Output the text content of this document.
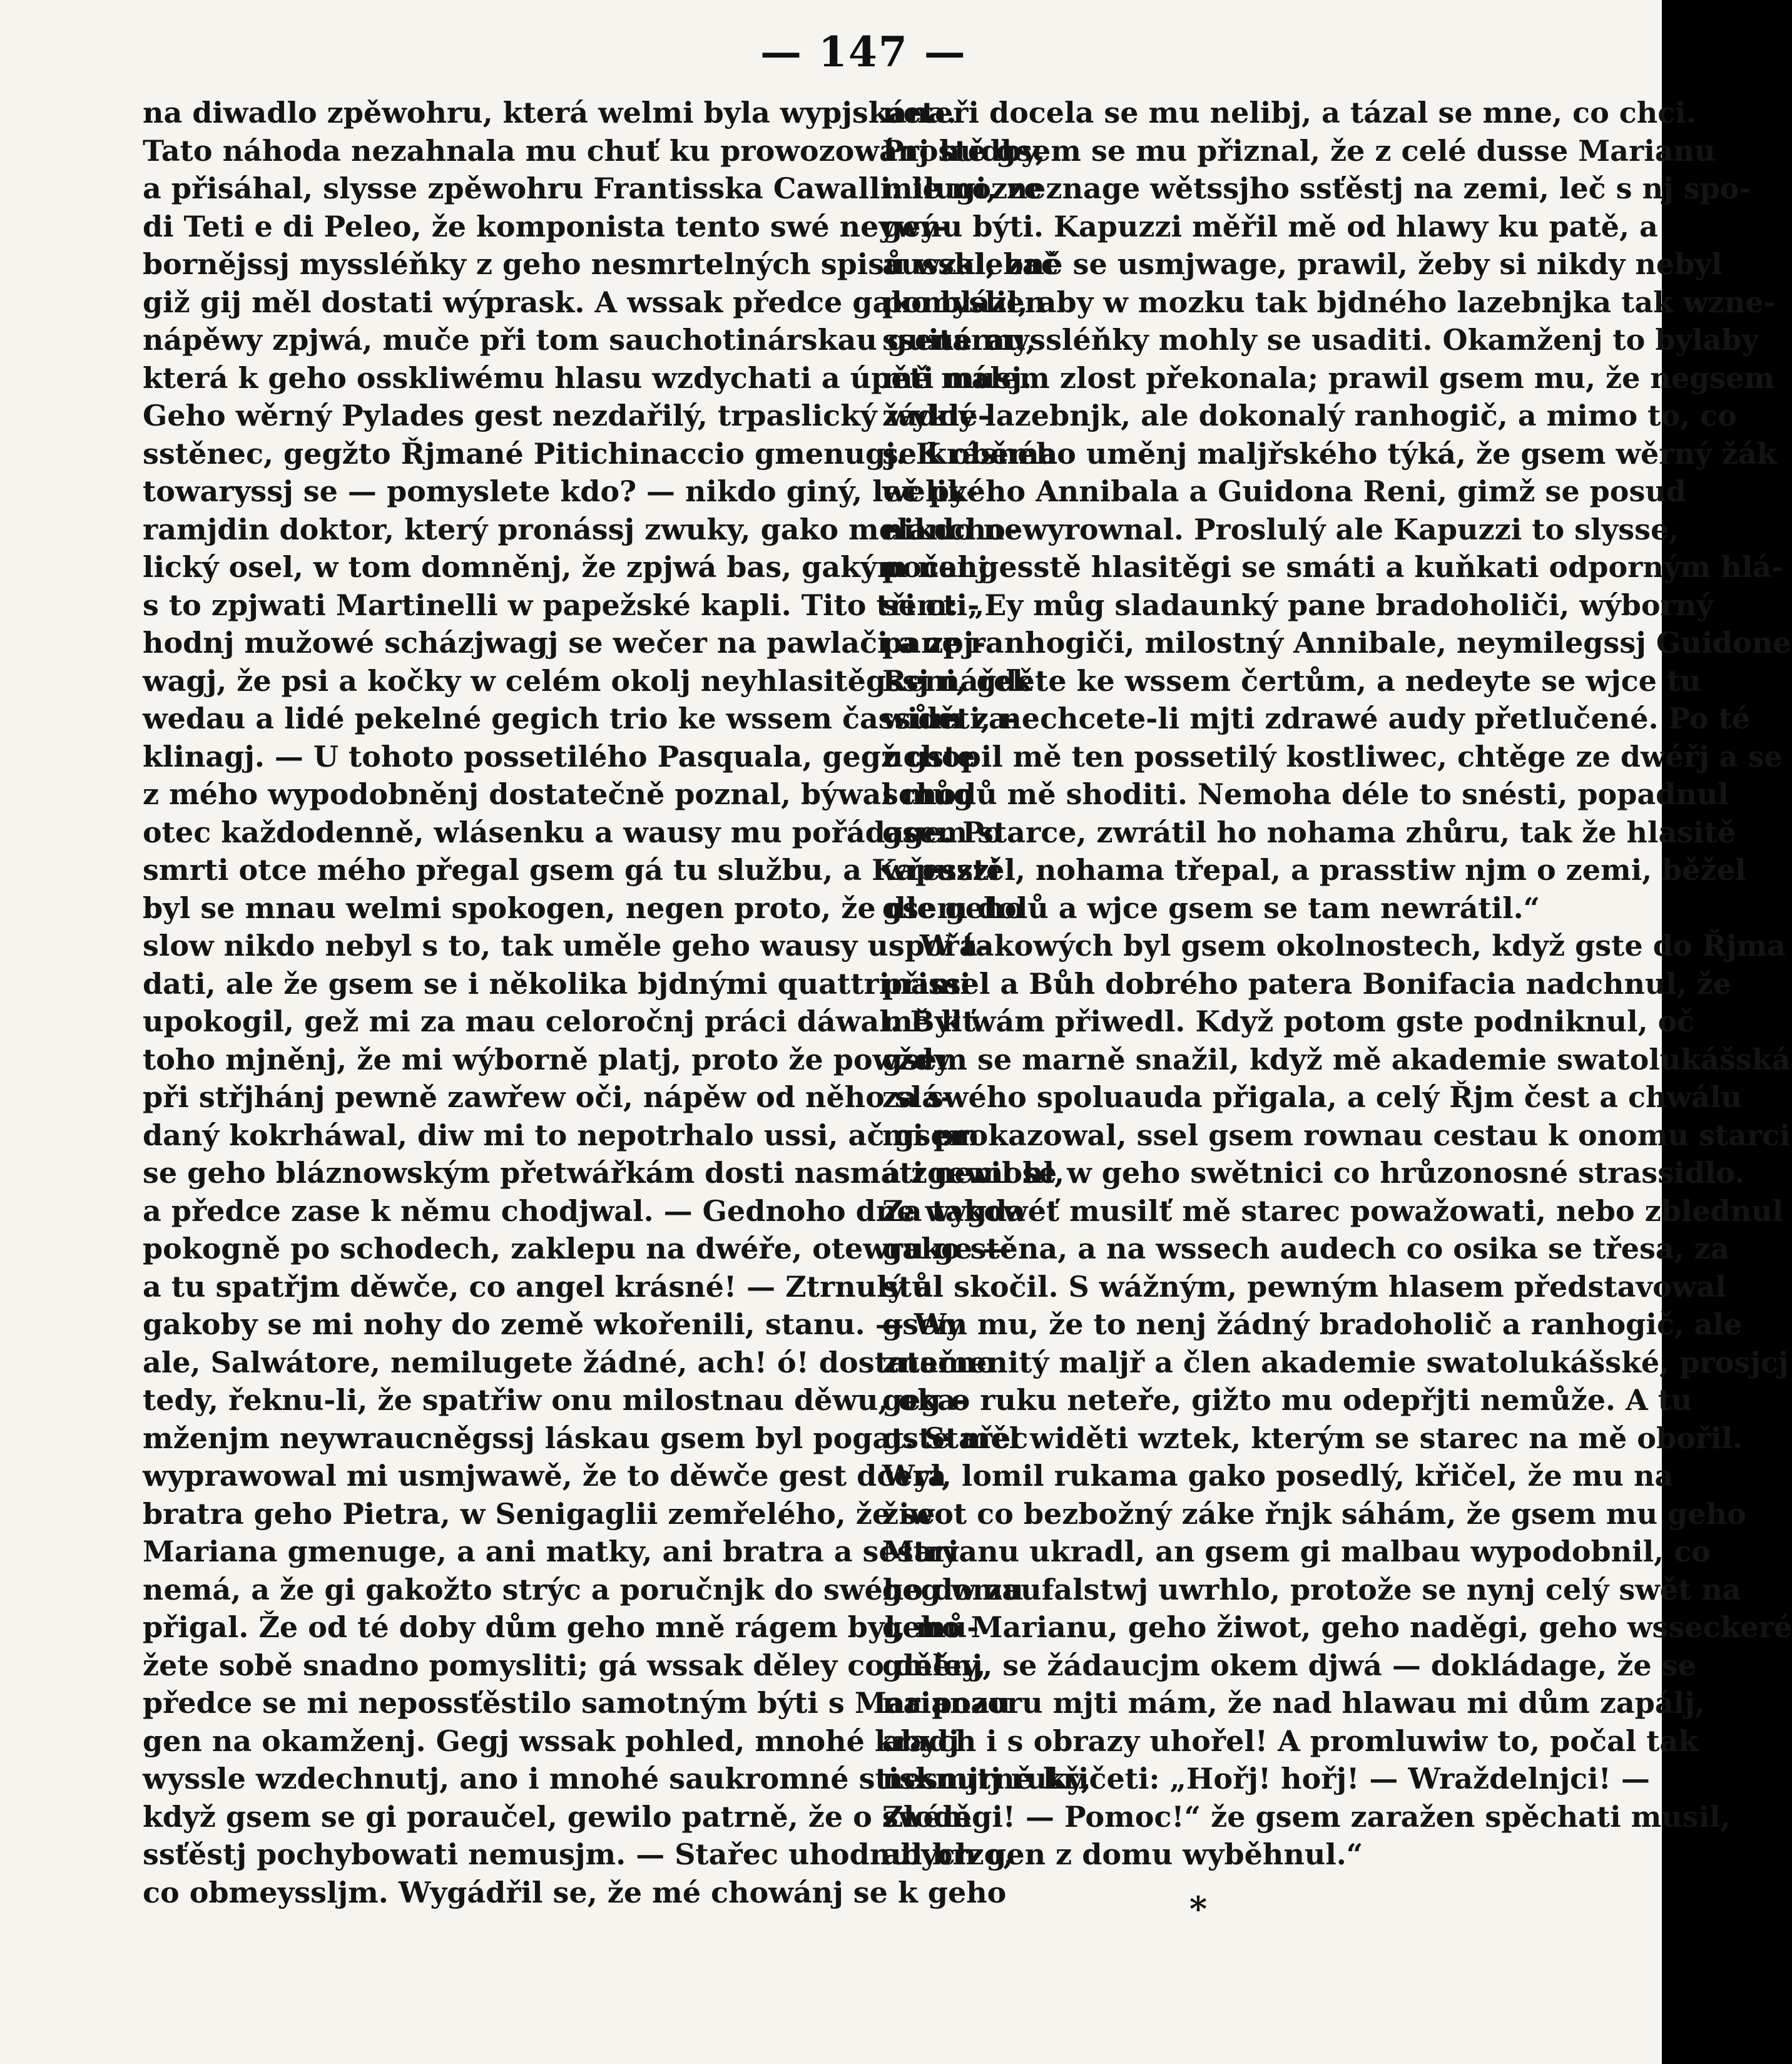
— 147 —
na diwadlo zpěwohru, která welmi byla wypjskána.
Tato náhoda nezahnala mu chuť ku prowozowánj hudby,
a přisáhal, slysse zpěwohru Frantisska Cawalli: le nozze
di Teti e di Peleo, že komponista tento swé neywý-
bornějssj myssléňky z geho nesmrtelných spisů wzal, zač
giž gij měl dostati wýprask. A wssak předce gako blázen
nápěwy zpjwá, muče při tom sauchotinárskau guitarau,
která k geho osskliwému hlasu wzdychati a úpěti musj.
Geho wěrný Pylades gest nezdařilý, trpaslický wykle-
sstěnec, gegžto Řjmané Pitichinaccio gmenugj. K oběma
towaryssj se — pomyslete kdo? — nikdo giný, leč py-
ramjdin doktor, který pronássj zwuky, gako melancho-
lický osel, w tom domněnj, že zpjwá bas, gakým nenj
s to zpjwati Martinelli w papežské kapli. Tito tři cti-
hodnj mužowé scházjwagj se wečer na pawlači a zpj-
wagj, že psi a kočky w celém okolj neyhlasitěgssj nářek
wedau a lidé pekelné gegich trio ke wssem čassům za-
klinagj. — U tohoto possetilého Pasquala, gegž gste
z mého wypodobněnj dostatečně poznal, býwal můg
otec každodenně, wlásenku a wausy mu pořádage. Po
smrti otce mého přegal gsem gá tu službu, a Kapuzzi
byl se mnau welmi spokogen, negen proto, že dle geho
slow nikdo nebyl s to, tak uměle geho wausy uspořá-
dati, ale že gsem se i několika bjdnými quattrinami
upokogil, gež mi za mau celoročnj práci dáwal. Bylť
toho mjněnj, že mi wýborně platj, proto že powždy
při střjhánj pewně zawřew oči, nápěw od něho slá-
daný kokrháwal, diw mi to nepotrhalo ussi, ač gsem
se geho bláznowským přetwářkám dosti nasmáti nemohl,
a předce zase k němu chodjwal. — Gednoho dne wygda
pokogně po schodech, zaklepu na dwéře, otewru ge —
a tu spatřjm děwče, co angel krásné! — Ztrnulý a
gakoby se mi nohy do země wkořenili, stanu. — Wy
ale, Salwátore, nemilugete žádné, ach! ó! dostatečno
tedy, řeknu-li, že spatřiw onu milostnau děwu, oka-
mženjm neywraucněgssj láskau gsem byl pogat. Stařec
wyprawowal mi usmjwawě, že to děwče gest dcera
bratra geho Pietra, w Senigaglii zemřelého, že se
Mariana gmenuge, a ani matky, ani bratra a sestry
nemá, a že gi gakožto strýc a poručnjk do swého domu
přigal. Že od té doby dům geho mně rágem byl, mů-
žete sobě snadno pomysliti; gá wssak děley co děley,
předce se mi nepossťěstilo samotným býti s Marianau
gen na okamženj. Gegj wssak pohled, mnohé kradj
wyssle wzdechnutj, ano i mnohé saukromné stisknutj ruky,
když gsem se gi poraučel, gewilo patrně, že o swém
ssťěstj pochybowati nemusjm. — Stařec uhodnul brzo,
co obmeyssljm. Wygádřil se, že mé chowánj se k geho
neteři docela se mu nelibj, a tázal se mne, co chci.
Prostě gsem se mu přiznal, že z celé dusse Marianu
milugi, neznage wětssjho ssťěstj na zemi, leč s nj spo-
genu býti. Kapuzzi měřil mě od hlawy ku patě, a
aussklebně se usmjwage, prawil, žeby si nikdy nebyl
pomyslil, aby w mozku tak bjdného lazebnjka tak wzne-
ssené myssléňky mohly se usaditi. Okamženj to bylaby
mě málem zlost překonala; prawil gsem mu, že negsem
žádný lazebnjk, ale dokonalý ranhogič, a mimo to, co
se krásného uměnj maljřského týká, že gsem wěrný žák
welikého Annibala a Guidona Reni, gimž se posud
nikdo newyrownal. Proslulý ale Kapuzzi to slysse,
počal gesstě hlasitěgi se smáti a kuňkati odporným hlá-
sem: „Ey můg sladaunký pane bradoholiči, wýborný
pane ranhogiči, milostný Annibale, neymilegssj Guidone
Reni, gděte ke wssem čertům, a nedeyte se wjce tu
widěti, nechcete-li mjti zdrawé audy přetlučené. Po té
uchopil mě ten possetilý kostliwec, chtěge ze dwéřj a se
schodů mě shoditi. Nemoha déle to snésti, popadnul
gsem starce, zwrátil ho nohama zhůru, tak že hlasitě
wřesstěl, nohama třepal, a prasstiw njm o zemi, běžel
gsem dolů a wjce gsem se tam newrátil.“
W takowých byl gsem okolnostech, když gste do Řjma
přissel a Bůh dobrého patera Bonifacia nadchnul, že
mě k wám přiwedl. Když potom gste podniknul, oč
gsem se marně snažil, když mě akademie swatolukášská
za swého spoluauda přigala, a celý Řjm čest a chwálu
mi prokazowal, ssel gsem rownau cestau k onomu starci
a zgewil se w geho swětnici co hrůzonosné strassidlo.
Za takowéť musilť mě starec powažowati, nebo zblednul
gako stěna, a na wssech audech co osika se třesa, za
stůl skočil. S wážným, pewným hlasem představowal
gsem mu, že to nenj žádný bradoholič a ranhogič, ale
znamenitý maljř a člen akademie swatolukášské, prosjcj
geg o ruku neteře, gižto mu odepřjti nemůže. A tu
gste měl widěti wztek, kterým se starec na mě obořil.
Wyl, lomil rukama gako posedlý, křičel, že mu na
žiwot co bezbožný záke řnjk sáhám, že gsem mu geho
Marianu ukradl, an gsem gi malbau wypodobnil, co
geg w zaufalstwj uwrhlo, protože se nynj celý swět na
geho Marianu, geho žiwot, geho naděgi, geho wsseckeré
gměnj, se žádaucjm okem djwá — dokládage, že se
na pozoru mjti mám, že nad hlawau mi dům zapálj,
abych i s obrazy uhořel! A promluwiw to, počal tak
nesmjrně křičeti: „Hořj! hořj! — Wraždelnjci! —
Zloděgi! — Pomoc!“ že gsem zaražen spěchati musil,
abych gen z domu wyběhnul.“
*
